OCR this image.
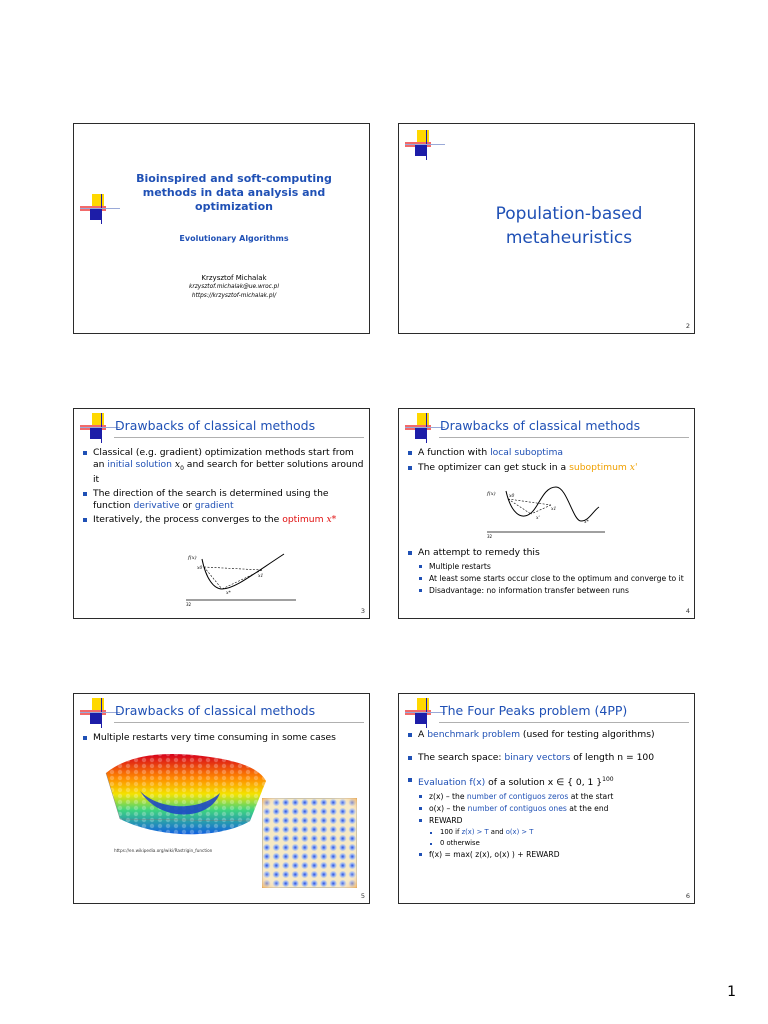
Bioinspired and soft-computing
methods in data analysis and
optimization
Evolutionary Algorithms
Krzysztof Michalak
krzysztof.michalak@ue.wroc.pl
https://krzysztof-michalak.pl/
Population-based
metaheuristics
2
Drawbacks of classical methods
Classical (e.g. gradient) optimization methods start from an initial solution $x_0$ and search for better solutions around it
The direction of the search is determined using the function derivative or gradient
Iteratively, the process converges to the optimum x*
f(x)
x0
x1
x*
32
3
Drawbacks of classical methods
A function with local suboptima
The optimizer can get stuck in a suboptimum x'
f(x)	x0
x1
x'
x*
32
An attempt to remedy this
Multiple restarts
At least some starts occur close to the optimum and converge to it
Disadvantage: no information transfer between runs
4
Drawbacks of classical methods
Multiple restarts very time consuming in some cases
https://en.wikipedia.org/wiki/Rastrigin_function
5
The Four Peaks problem (4PP)
A benchmark problem (used for testing algorithms)
The search space: binary vectors of length n = 100
Evaluation f(x) of a solution x ∈ { 0, 1 }$^{100}$
z(x) – the number of contiguos zeros at the start
o(x) – the number of contiguos ones at the end
REWARD
100 if z(x) > T and o(x) > T
0 otherwise
f(x) = max( z(x), o(x) ) + REWARD
6
1
